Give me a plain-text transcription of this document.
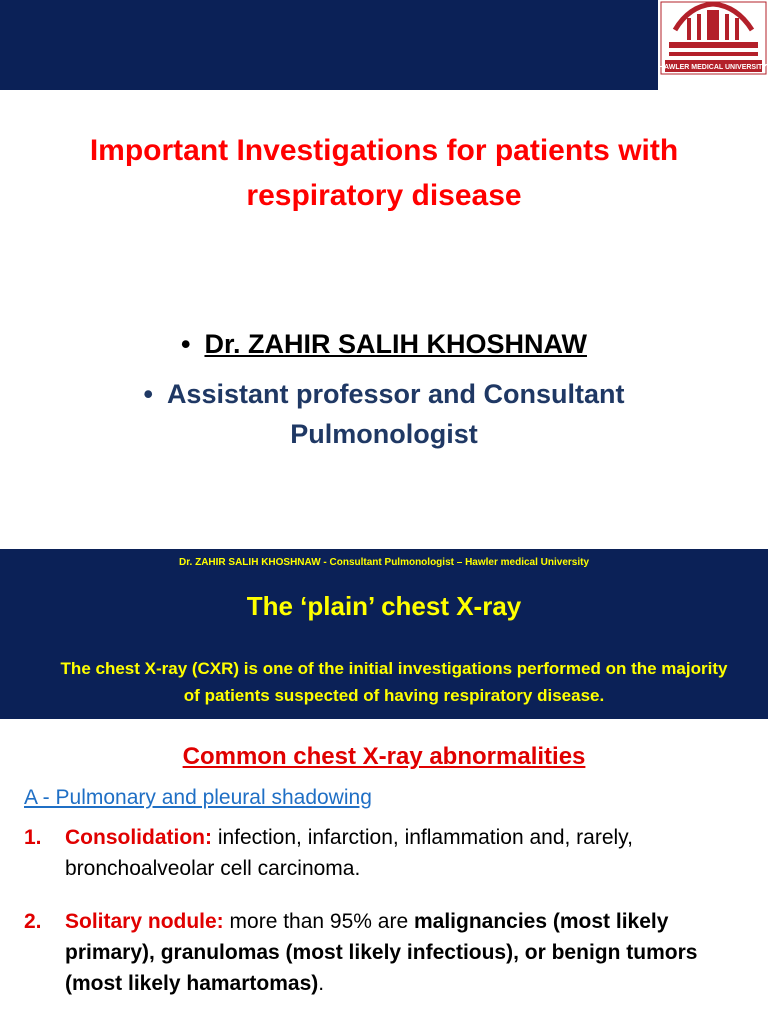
HAWLER MEDICAL UNIVERSITY
Important Investigations for patients with respiratory disease
• Dr. ZAHIR SALIH KHOSHNAW
• Assistant professor and Consultant
Pulmonologist
Dr. ZAHIR SALIH KHOSHNAW - Consultant Pulmonologist – Hawler medical University
The ‘plain’ chest X-ray
The chest X-ray (CXR) is one of the initial investigations performed on the majority of patients suspected of having respiratory disease.
Common chest X-ray abnormalities
A - Pulmonary and pleural shadowing
1. Consolidation: infection, infarction, inflammation and, rarely, bronchoalveolar cell carcinoma.
2. Solitary nodule: more than 95% are malignancies (most likely primary), granulomas (most likely infectious), or benign tumors (most likely hamartomas).
